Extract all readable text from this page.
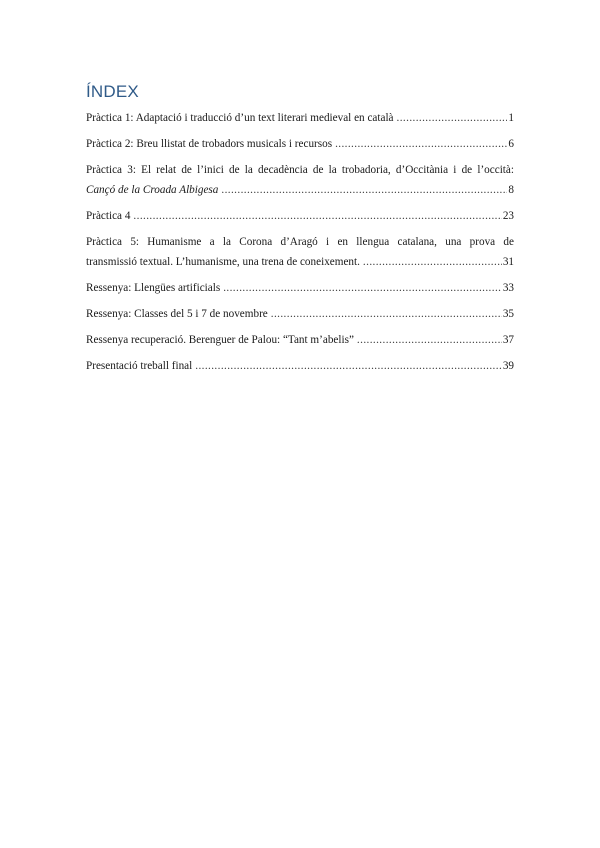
ÍNDEX
Pràctica 1: Adaptació i traducció d’un text literari medieval en català .....	1
Pràctica 2: Breu llistat de trobadors musicals i recursos .....	6
Pràctica 3: El relat de l’inici de la decadència de la trobadoria, d’Occitània i de l’occità:
Cançó de la Croada Albigesa .....	8
Pràctica 4 .....	23
Pràctica 5: Humanisme a la Corona d’Aragó i en llengua catalana, una prova de
transmissió textual. L’humanisme, una trena de coneixement. .....	31
Ressenya: Llengües artificials .....	33
Ressenya: Classes del 5 i 7 de novembre .....	35
Ressenya recuperació. Berenguer de Palou: “Tant m’abelis” .....	37
Presentació treball final .....	39
